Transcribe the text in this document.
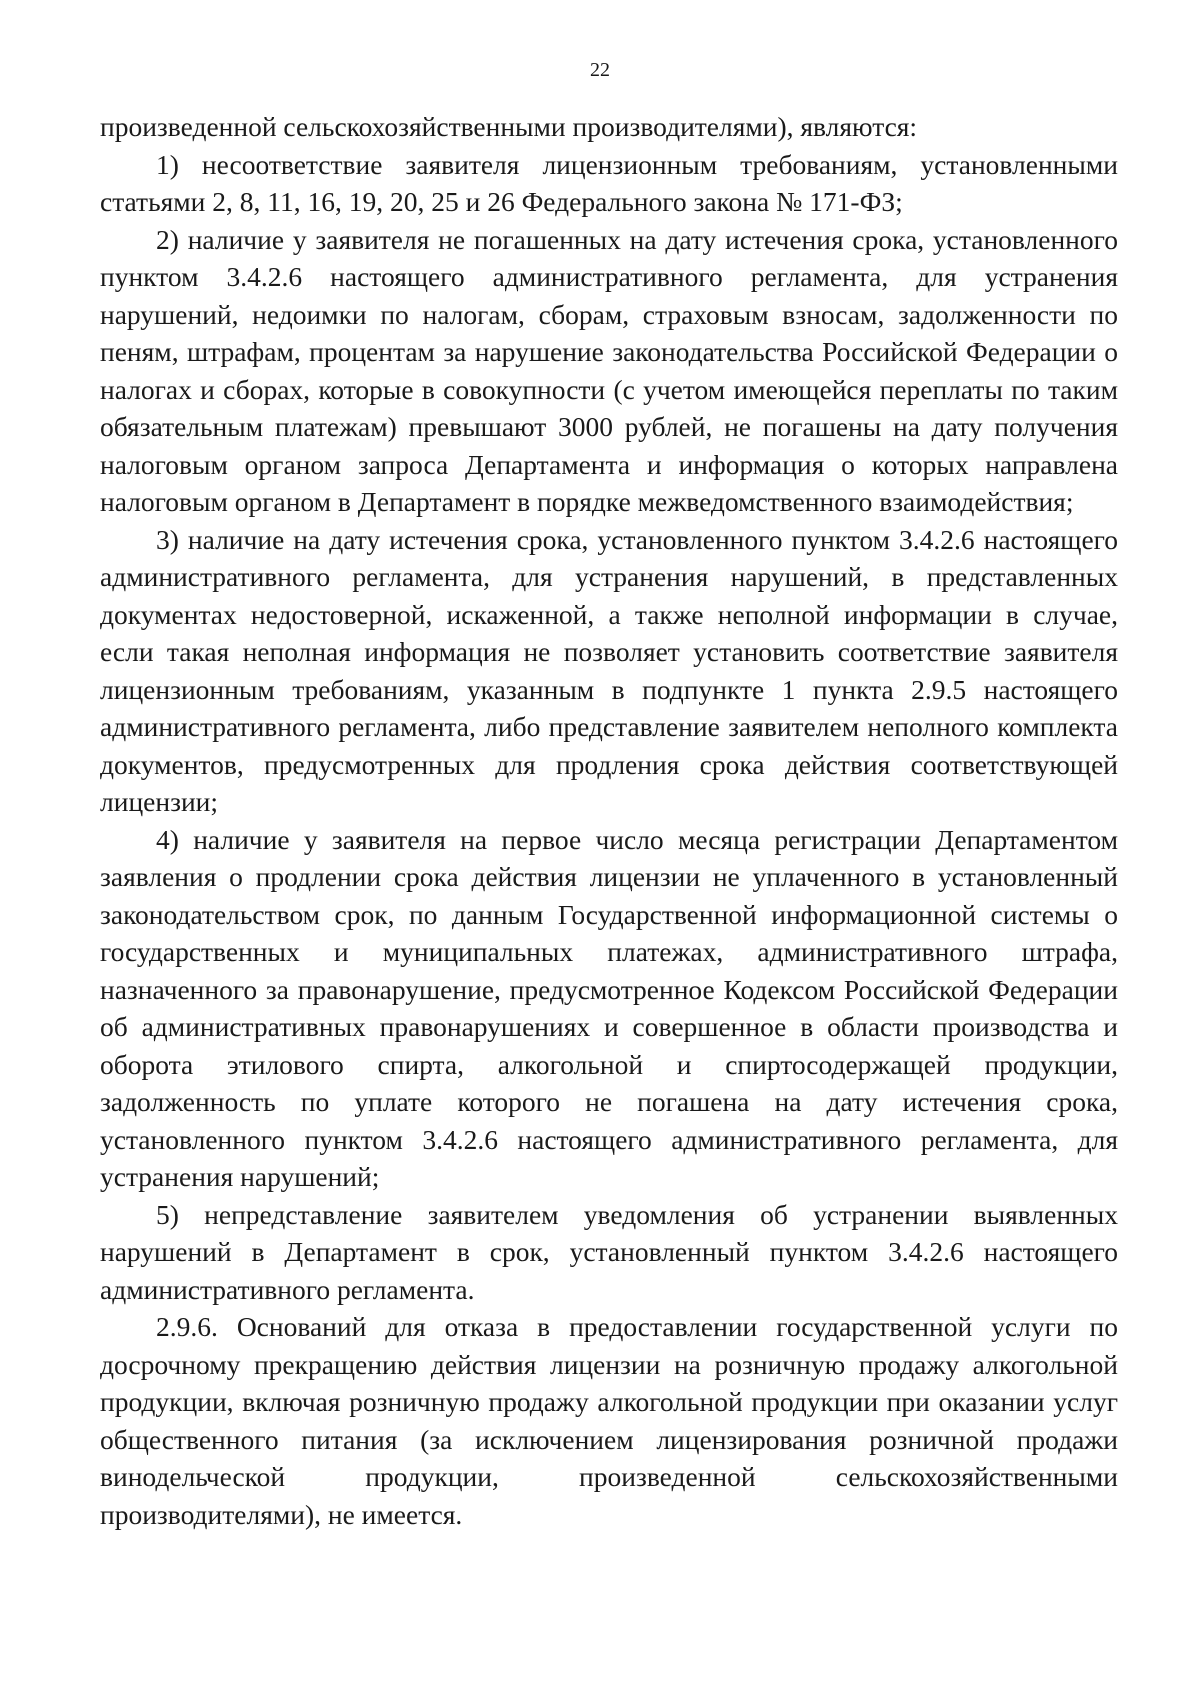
22

произведенной сельскохозяйственными производителями), являются:

1) несоответствие заявителя лицензионным требованиям, установленными статьями 2, 8, 11, 16, 19, 20, 25 и 26 Федерального закона № 171-ФЗ;

2) наличие у заявителя не погашенных на дату истечения срока, установленного пунктом 3.4.2.6 настоящего административного регламента, для устранения нарушений, недоимки по налогам, сборам, страховым взносам, задолженности по пеням, штрафам, процентам за нарушение законодательства Российской Федерации о налогах и сборах, которые в совокупности (с учетом имеющейся переплаты по таким обязательным платежам) превышают 3000 рублей, не погашены на дату получения налоговым органом запроса Департамента и информация о которых направлена налоговым органом в Департамент в порядке межведомственного взаимодействия;

3) наличие на дату истечения срока, установленного пунктом 3.4.2.6 настоящего административного регламента, для устранения нарушений, в представленных документах недостоверной, искаженной, а также неполной информации в случае, если такая неполная информация не позволяет установить соответствие заявителя лицензионным требованиям, указанным в подпункте 1 пункта 2.9.5 настоящего административного регламента, либо представление заявителем неполного комплекта документов, предусмотренных для продления срока действия соответствующей лицензии;

4) наличие у заявителя на первое число месяца регистрации Департаментом заявления о продлении срока действия лицензии не уплаченного в установленный законодательством срок, по данным Государственной информационной системы о государственных и муниципальных платежах, административного штрафа, назначенного за правонарушение, предусмотренное Кодексом Российской Федерации об административных правонарушениях и совершенное в области производства и оборота этилового спирта, алкогольной и спиртосодержащей продукции, задолженность по уплате которого не погашена на дату истечения срока, установленного пунктом 3.4.2.6 настоящего административного регламента, для устранения нарушений;

5) непредставление заявителем уведомления об устранении выявленных нарушений в Департамент в срок, установленный пунктом 3.4.2.6 настоящего административного регламента.

2.9.6. Оснований для отказа в предоставлении государственной услуги по досрочному прекращению действия лицензии на розничную продажу алкогольной продукции, включая розничную продажу алкогольной продукции при оказании услуг общественного питания (за исключением лицензирования розничной продажи винодельческой продукции, произведенной сельскохозяйственными производителями), не имеется.
